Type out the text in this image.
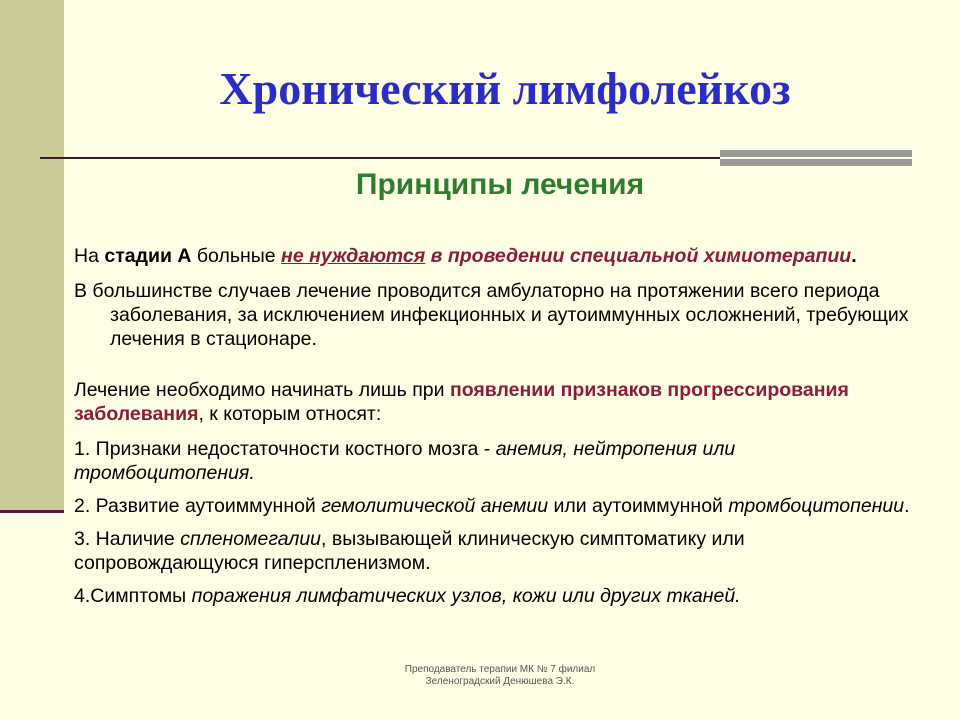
Хронический лимфолейкоз
Принципы лечения

На стадии А больные не нуждаются в проведении специальной химиотерапии.

В большинстве случаев лечение проводится амбулаторно на протяжении всего периода заболевания, за исключением инфекционных и аутоиммунных осложнений, требующих лечения в стационаре.

Лечение необходимо начинать лишь при появлении признаков прогрессирования заболевания, к которым относят:

1. Признаки недостаточности костного мозга - анемия, нейтропения или тромбоцитопения.

2. Развитие аутоиммунной гемолитической анемии или аутоиммунной тромбоцитопении.

3. Наличие спленомегалии, вызывающей клиническую симптоматику или сопровождающуюся гиперспленизмом.

4.Симптомы поражения лимфатических узлов, кожи или других тканей.

Преподаватель терапии МК № 7 филиал
Зеленоградский Денюшева Э.К.
